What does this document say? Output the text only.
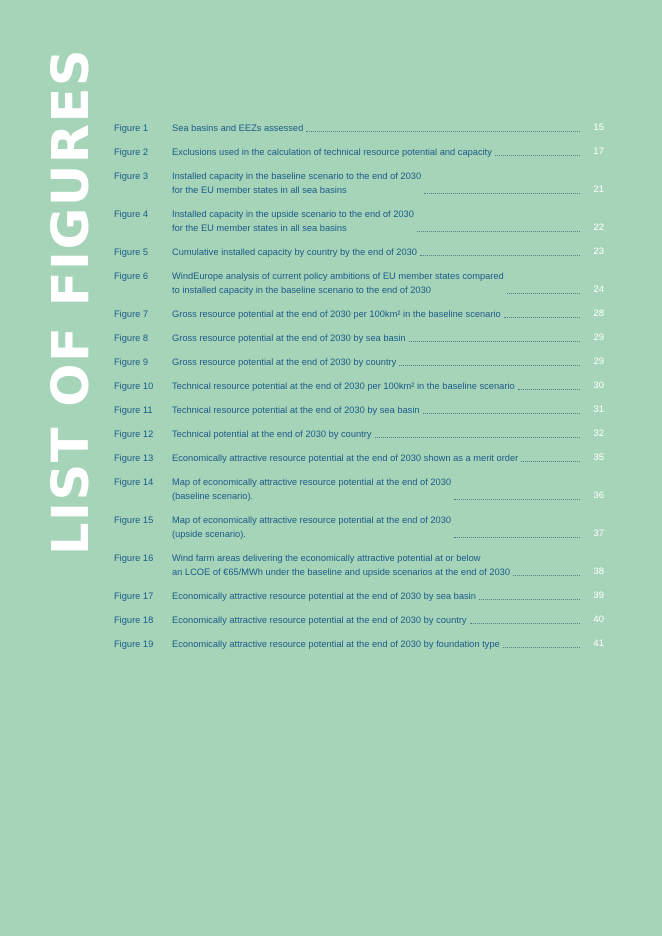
LIST OF FIGURES Figure 1	Sea basins and EEZs assessed	15
Figure 2	Exclusions used in the calculation of technical resource potential and capacity	17
Figure 3	Installed capacity in the baseline scenario to the end of 2030
for the EU member states in all sea basins	21
Figure 4	Installed capacity in the upside scenario to the end of 2030
for the EU member states in all sea basins	22
Figure 5	Cumulative installed capacity by country by the end of 2030	23
Figure 6	WindEurope analysis of current policy ambitions of EU member states compared
to installed capacity in the baseline scenario to the end of 2030	24
Figure 7	Gross resource potential at the end of 2030 per 100km² in the baseline scenario	28
Figure 8	Gross resource potential at the end of 2030 by sea basin	29
Figure 9	Gross resource potential at the end of 2030 by country	29
Figure 10	Technical resource potential at the end of 2030 per 100km² in the baseline scenario	30
Figure 11	Technical resource potential at the end of 2030 by sea basin	31
Figure 12	Technical potential at the end of 2030 by country	32
Figure 13	Economically attractive resource potential at the end of 2030 shown as a merit order	35
Figure 14	Map of economically attractive resource potential at the end of 2030
(baseline scenario).	36
Figure 15	Map of economically attractive resource potential at the end of 2030
(upside scenario).	37
Figure 16	Wind farm areas delivering the economically attractive potential at or below
an LCOE of €65/MWh under the baseline and upside scenarios at the end of 2030	38
Figure 17	Economically attractive resource potential at the end of 2030 by sea basin	39
Figure 18	Economically attractive resource potential at the end of 2030 by country	40
Figure 19	Economically attractive resource potential at the end of 2030 by foundation type	41
